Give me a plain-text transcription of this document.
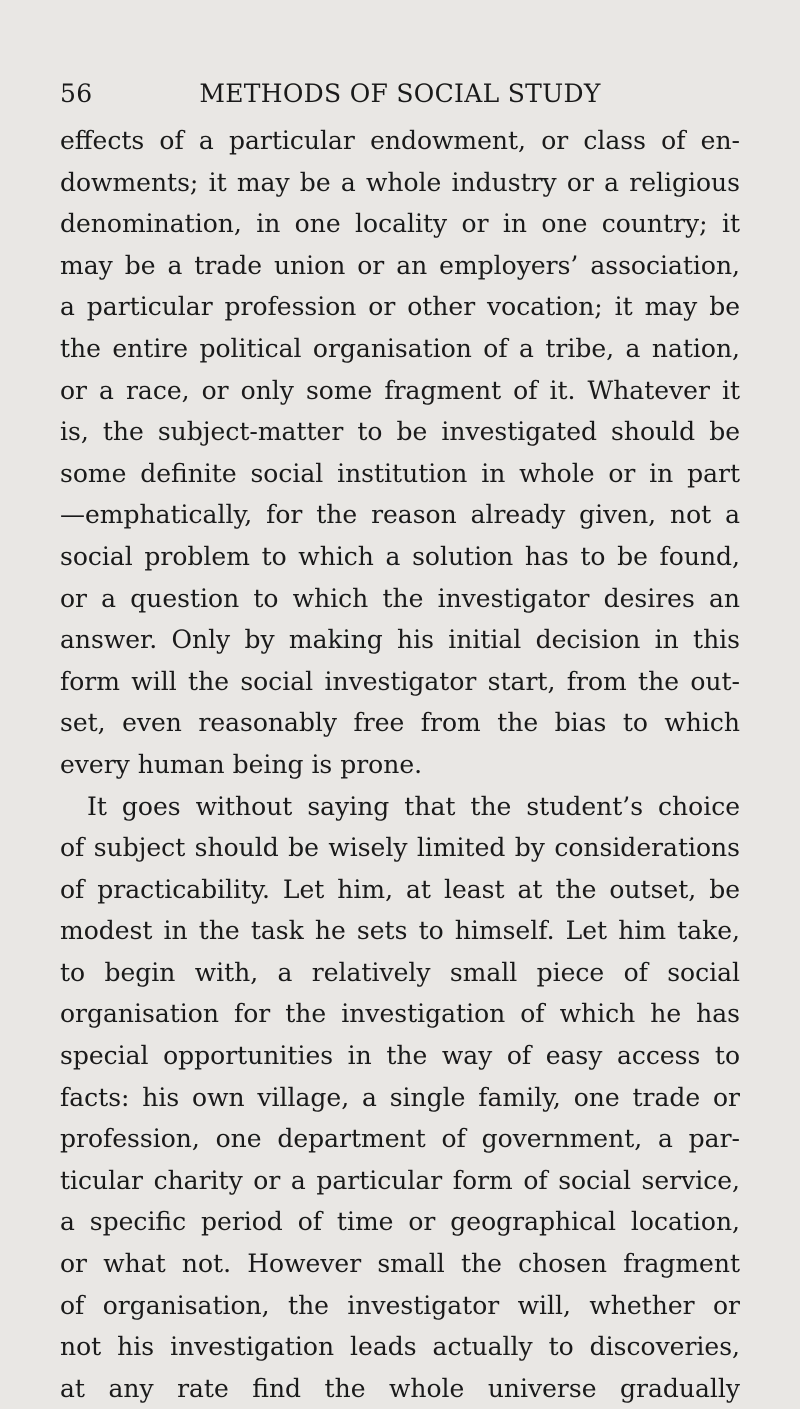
56	METHODS OF SOCIAL STUDY
effects of a particular endowment, or class of en-
dowments; it may be a whole industry or a religious
denomination, in one locality or in one country; it
may be a trade union or an employers’ association,
a particular profession or other vocation; it may be
the entire political organisation of a tribe, a nation,
or a race, or only some fragment of it. Whatever it
is, the subject-matter to be investigated should be
some definite social institution in whole or in part
—emphatically, for the reason already given, not a
social problem to which a solution has to be found,
or a question to which the investigator desires an
answer. Only by making his initial decision in this
form will the social investigator start, from the out-
set, even reasonably free from the bias to which
every human being is prone.
It goes without saying that the student’s choice
of subject should be wisely limited by considerations
of practicability. Let him, at least at the outset, be
modest in the task he sets to himself. Let him take,
to begin with, a relatively small piece of social
organisation for the investigation of which he has
special opportunities in the way of easy access to
facts: his own village, a single family, one trade or
profession, one department of government, a par-
ticular charity or a particular form of social service,
a specific period of time or geographical location,
or what not. However small the chosen fragment
of organisation, the investigator will, whether or
not his investigation leads actually to discoveries,
at any rate find the whole universe gradually
